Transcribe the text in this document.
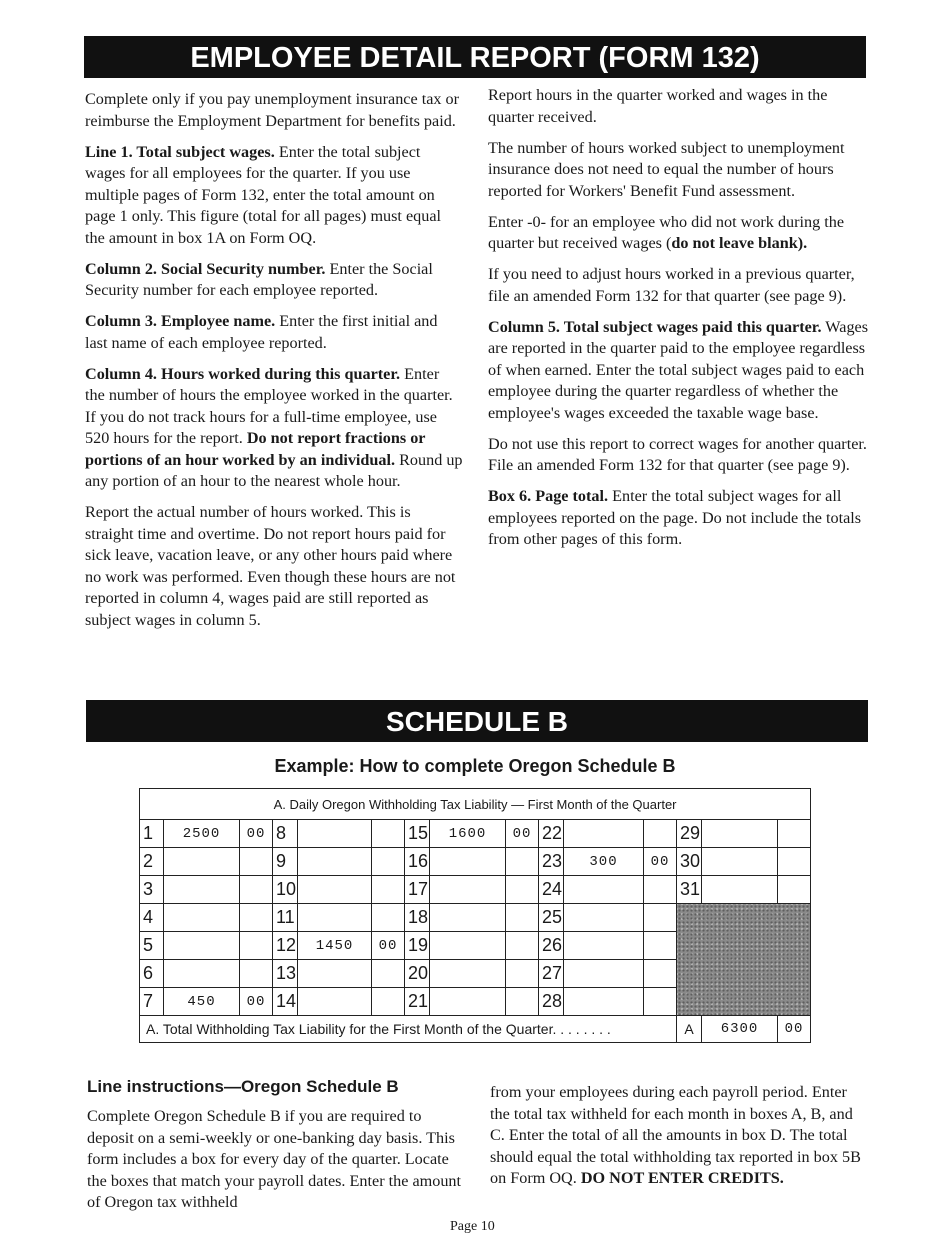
EMPLOYEE DETAIL REPORT (FORM 132)

Complete only if you pay unemployment insurance tax or reimburse the Employment Department for benefits paid.

Line 1. Total subject wages. Enter the total subject wages for all employees for the quarter. If you use multiple pages of Form 132, enter the total amount on page 1 only. This figure (total for all pages) must equal the amount in box 1A on Form OQ.

Column 2. Social Security number. Enter the Social Security number for each employee reported.

Column 3. Employee name. Enter the first initial and last name of each employee reported.

Column 4. Hours worked during this quarter. Enter the number of hours the employee worked in the quarter. If you do not track hours for a full-time employee, use 520 hours for the report. Do not report fractions or portions of an hour worked by an individual. Round up any portion of an hour to the nearest whole hour.

Report the actual number of hours worked. This is straight time and overtime. Do not report hours paid for sick leave, vacation leave, or any other hours paid where no work was performed. Even though these hours are not reported in column 4, wages paid are still reported as subject wages in column 5.

Report hours in the quarter worked and wages in the quarter received.

The number of hours worked subject to unemployment insurance does not need to equal the number of hours reported for Workers' Benefit Fund assessment.

Enter -0- for an employee who did not work during the quarter but received wages (do not leave blank).

If you need to adjust hours worked in a previous quarter, file an amended Form 132 for that quarter (see page 9).

Column 5. Total subject wages paid this quarter. Wages are reported in the quarter paid to the employee regardless of when earned. Enter the total subject wages paid to each employee during the quarter regardless of whether the employee's wages exceeded the taxable wage base.

Do not use this report to correct wages for another quarter. File an amended Form 132 for that quarter (see page 9).

Box 6. Page total. Enter the total subject wages for all employees reported on the page. Do not include the totals from other pages of this form.

SCHEDULE B
Example: How to complete Oregon Schedule B
A. Daily Oregon Withholding Tax Liability — First Month of the Quarter														
1	2500	00	8			15	1600	00	22			29		
2			9			16			23	300	00	30		
3			10			17			24			31		
4			11			18			25					
5			12	1450	00	19			26					
6			13			20			27					
7	450	00	14			21			28					
A. Total Withholding Tax Liability for the First Month of the Quarter. . . . . . . .												A	6300	00
Line instructions—Oregon Schedule B

Complete Oregon Schedule B if you are required to deposit on a semi-weekly or one-banking day basis. This form includes a box for every day of the quarter. Locate the boxes that match your payroll dates. Enter the amount of Oregon tax withheld

from your employees during each payroll period. Enter the total tax withheld for each month in boxes A, B, and C. Enter the total of all the amounts in box D. The total should equal the total withholding tax reported in box 5B on Form OQ. DO NOT ENTER CREDITS.

Page 10
